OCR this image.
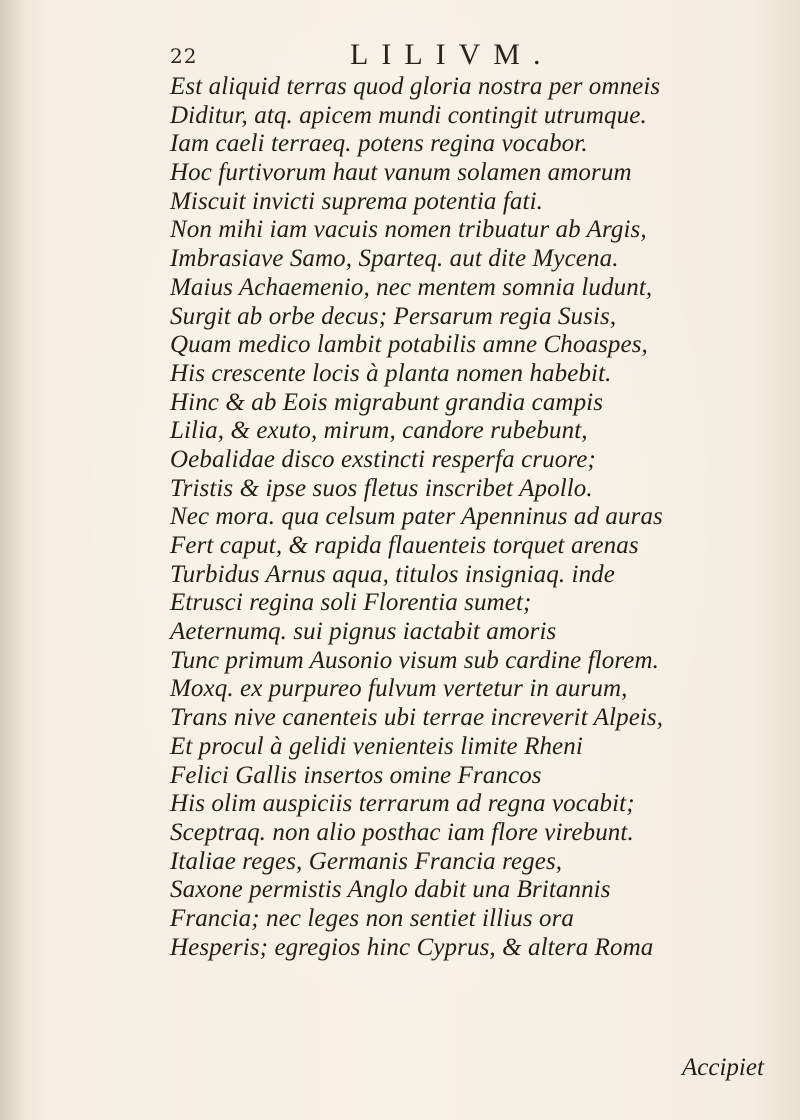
22	LILIVM.
Est aliquid terras quod gloria nostra per omneis
Diditur, atq. apicem mundi contingit utrumque.
Iam caeli terraeq. potens regina vocabor.
Hoc furtivorum haut vanum solamen amorum
Miscuit invicti suprema potentia fati.
Non mihi iam vacuis nomen tribuatur ab Argis,
Imbrasiave Samo, Sparteq. aut dite Mycena.
Maius Achaemenio, nec mentem somnia ludunt,
Surgit ab orbe decus; Persarum regia Susis,
Quam medico lambit potabilis amne Choaspes,
His crescente locis à planta nomen habebit.
Hinc & ab Eois migrabunt grandia campis
Lilia, & exuto, mirum, candore rubebunt,
Oebalidae disco exstincti resperfa cruore;
Tristis & ipse suos fletus inscribet Apollo.
Nec mora. qua celsum pater Apenninus ad auras
Fert caput, & rapida flauenteis torquet arenas
Turbidus Arnus aqua, titulos insigniaq. inde
Etrusci regina soli Florentia sumet;
Aeternumq. sui pignus iactabit amoris
Tunc primum Ausonio visum sub cardine florem.
Moxq. ex purpureo fulvum vertetur in aurum,
Trans nive canenteis ubi terrae increverit Alpeis,
Et procul à gelidi venienteis limite Rheni
Felici Gallis insertos omine Francos
His olim auspiciis terrarum ad regna vocabit;
Sceptraq. non alio posthac iam flore virebunt.
Italiae reges, Germanis Francia reges,
Saxone permistis Anglo dabit una Britannis
Francia; nec leges non sentiet illius ora
Hesperis; egregios hinc Cyprus, & altera Roma
Accipiet
